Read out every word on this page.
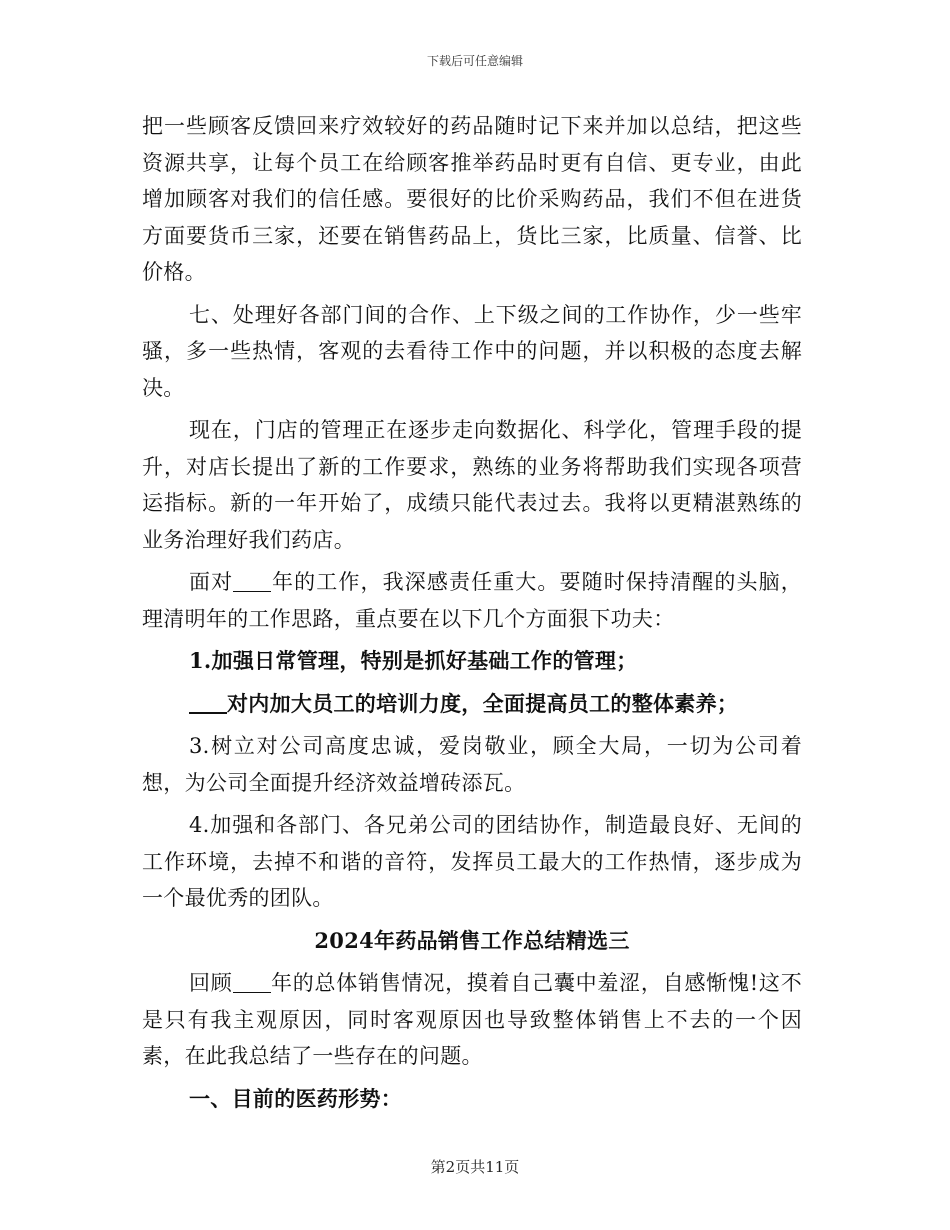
下载后可任意编辑

把一些顾客反馈回来疗效较好的药品随时记下来并加以总结，把这些资源共享，让每个员工在给顾客推举药品时更有自信、更专业，由此增加顾客对我们的信任感。要很好的比价采购药品，我们不但在进货方面要货币三家，还要在销售药品上，货比三家，比质量、信誉、比价格。

七、处理好各部门间的合作、上下级之间的工作协作，少一些牢骚，多一些热情，客观的去看待工作中的问题，并以积极的态度去解决。

现在，门店的管理正在逐步走向数据化、科学化，管理手段的提升，对店长提出了新的工作要求，熟练的业务将帮助我们实现各项营运指标。新的一年开始了，成绩只能代表过去。我将以更精湛熟练的业务治理好我们药店。

面对 年的工作，我深感责任重大。要随时保持清醒的头脑，理清明年的工作思路，重点要在以下几个方面狠下功夫：

1.加强日常管理，特别是抓好基础工作的管理；

对内加大员工的培训力度，全面提高员工的整体素养；

3.树立对公司高度忠诚，爱岗敬业，顾全大局，一切为公司着想，为公司全面提升经济效益增砖添瓦。

4.加强和各部门、各兄弟公司的团结协作，制造最良好、无间的工作环境，去掉不和谐的音符，发挥员工最大的工作热情，逐步成为一个最优秀的团队。

2024年药品销售工作总结精选三

回顾 年的总体销售情况，摸着自己囊中羞涩，自感惭愧!这不是只有我主观原因，同时客观原因也导致整体销售上不去的一个因素，在此我总结了一些存在的问题。

一、目前的医药形势：

第2页共11页
